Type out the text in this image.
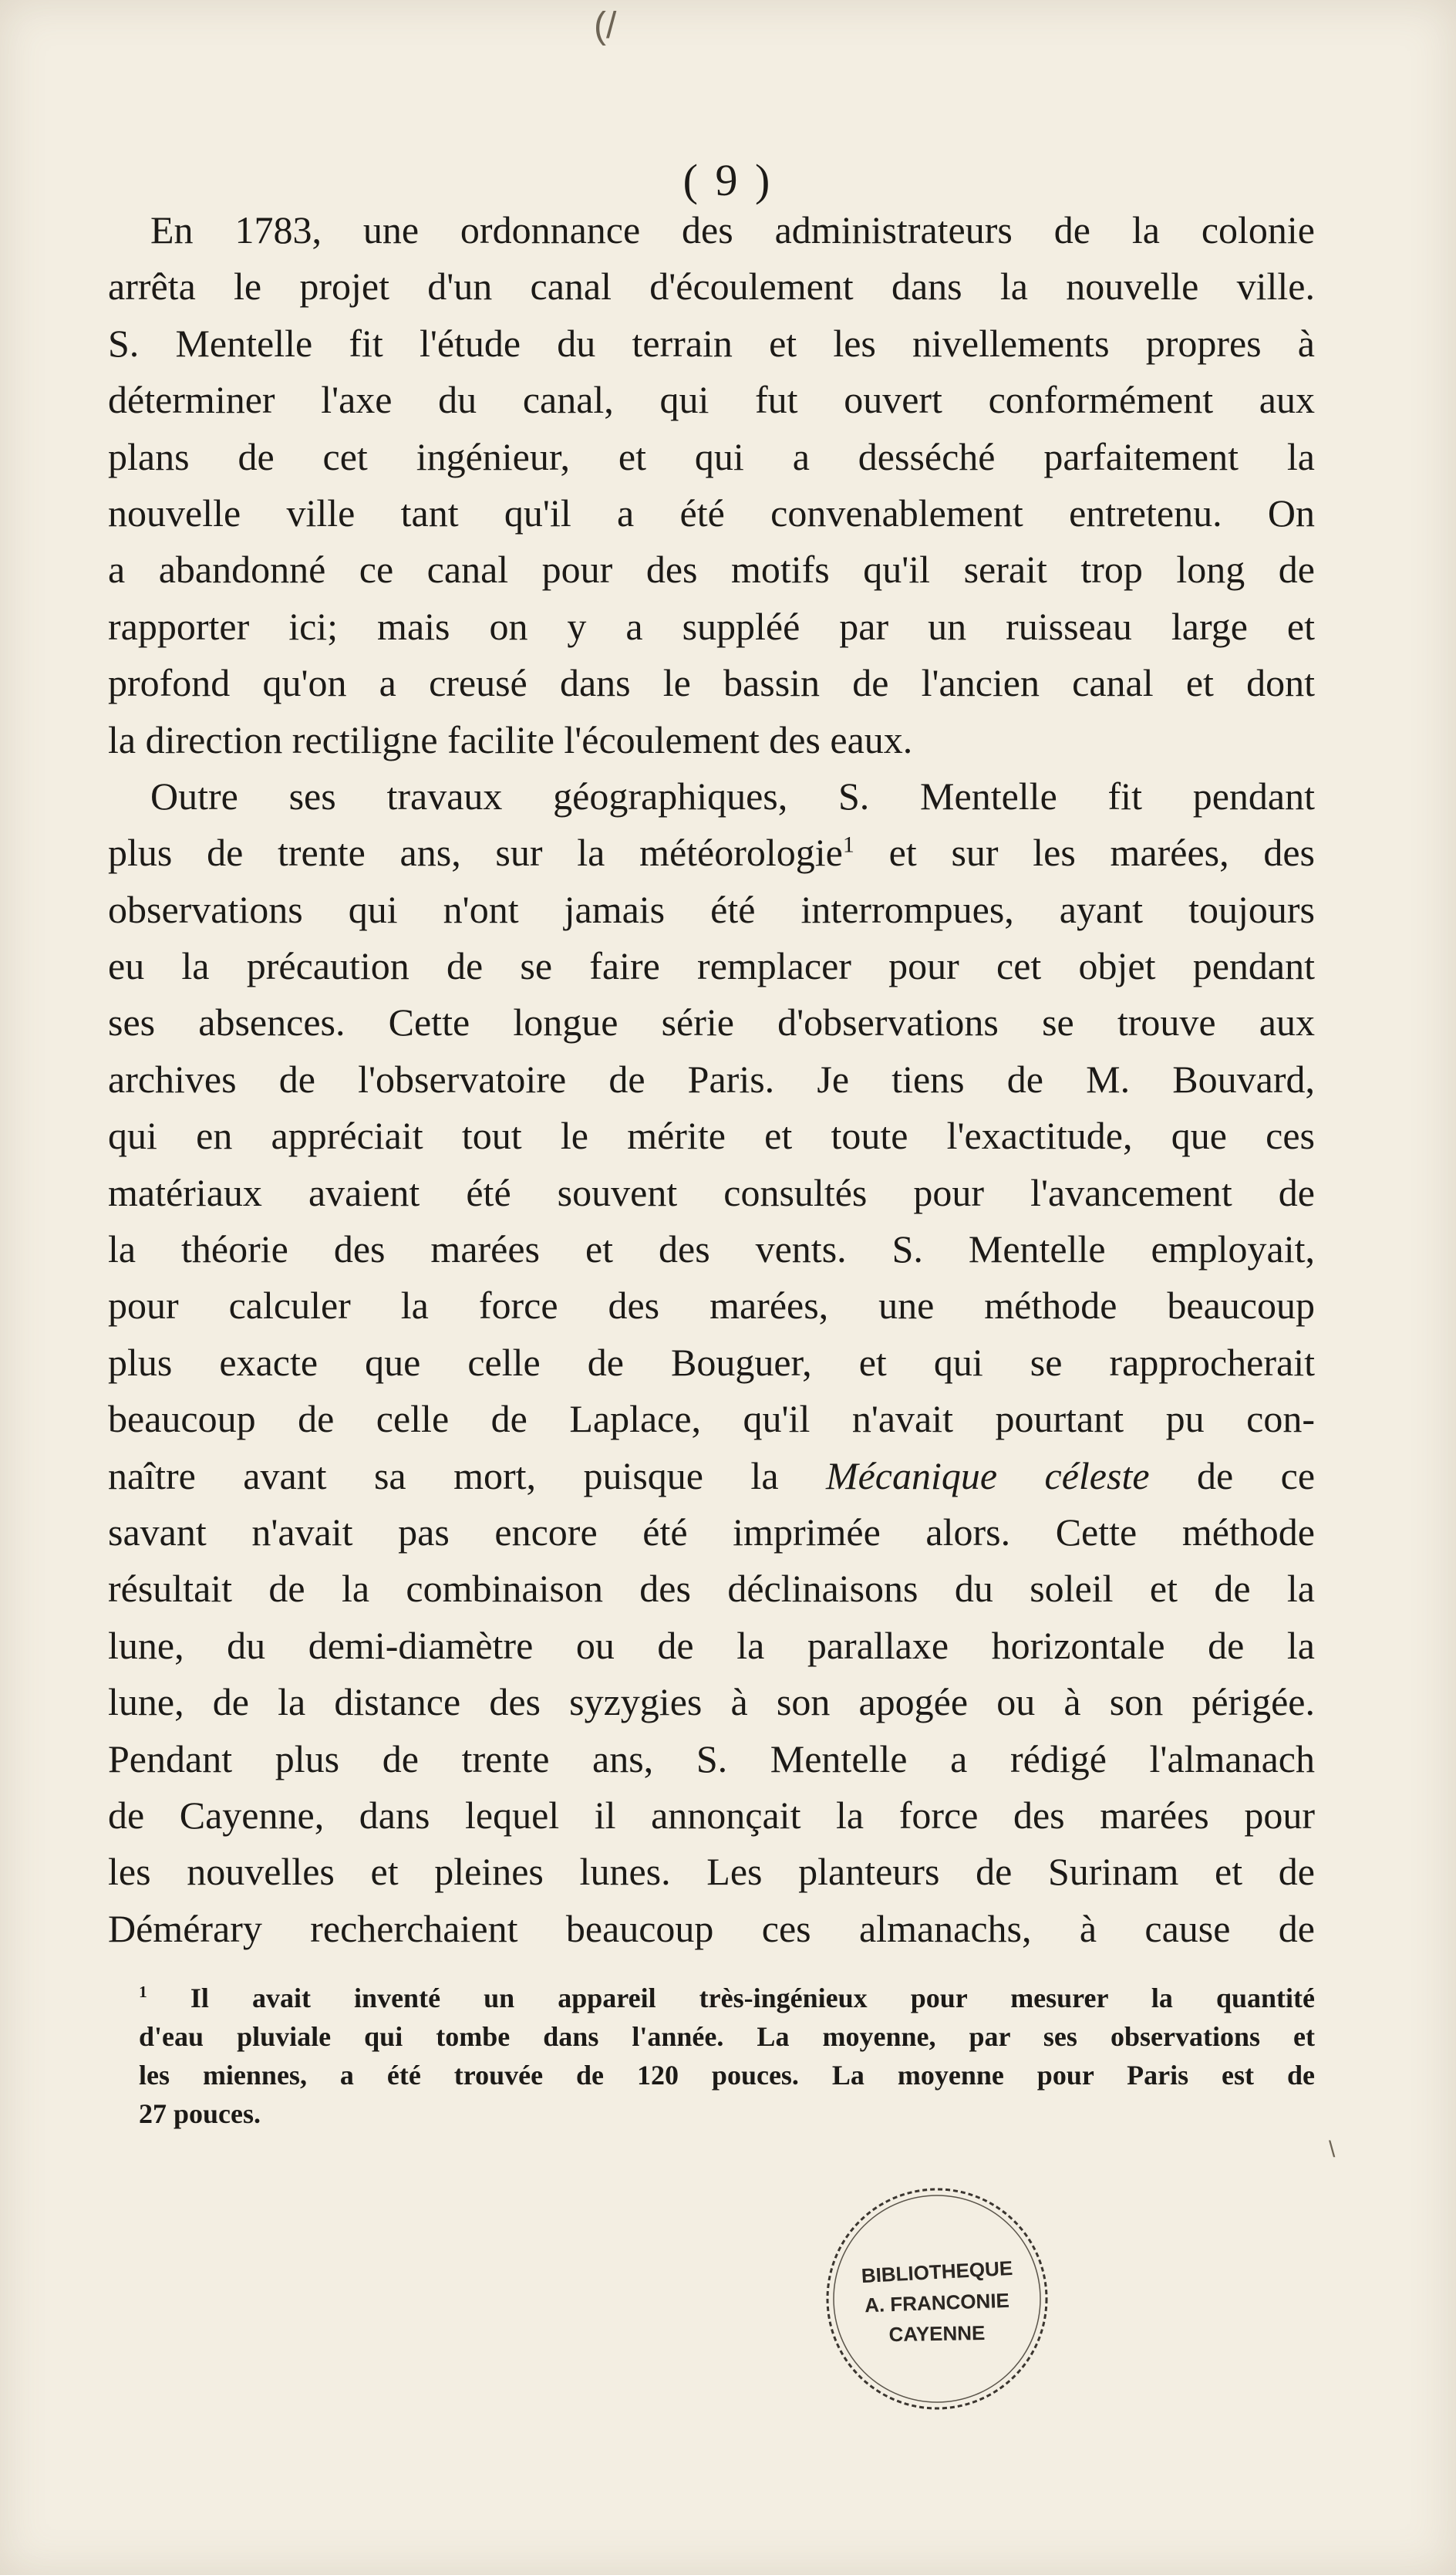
(/
( 9 )
En 1783, une ordonnance des administrateurs de la colonie
arrêta le projet d'un canal d'écoulement dans la nouvelle ville.
S. Mentelle fit l'étude du terrain et les nivellements propres à
déterminer l'axe du canal, qui fut ouvert conformément aux
plans de cet ingénieur, et qui a desséché parfaitement la
nouvelle ville tant qu'il a été convenablement entretenu. On
a abandonné ce canal pour des motifs qu'il serait trop long de
rapporter ici; mais on y a suppléé par un ruisseau large et
profond qu'on a creusé dans le bassin de l'ancien canal et dont
la direction rectiligne facilite l'écoulement des eaux.
Outre ses travaux géographiques, S. Mentelle fit pendant
plus de trente ans, sur la météorologie$^1$ et sur les marées, des
observations qui n'ont jamais été interrompues, ayant toujours
eu la précaution de se faire remplacer pour cet objet pendant
ses absences. Cette longue série d'observations se trouve aux
archives de l'observatoire de Paris. Je tiens de M. Bouvard,
qui en appréciait tout le mérite et toute l'exactitude, que ces
matériaux avaient été souvent consultés pour l'avancement de
la théorie des marées et des vents. S. Mentelle employait,
pour calculer la force des marées, une méthode beaucoup
plus exacte que celle de Bouguer, et qui se rapprocherait
beaucoup de celle de Laplace, qu'il n'avait pourtant pu con-
naître avant sa mort, puisque la Mécanique céleste de ce
savant n'avait pas encore été imprimée alors. Cette méthode
résultait de la combinaison des déclinaisons du soleil et de la
lune, du demi-diamètre ou de la parallaxe horizontale de la
lune, de la distance des syzygies à son apogée ou à son périgée.
Pendant plus de trente ans, S. Mentelle a rédigé l'almanach
de Cayenne, dans lequel il annonçait la force des marées pour
les nouvelles et pleines lunes. Les planteurs de Surinam et de
Démérary recherchaient beaucoup ces almanachs, à cause de
$^1$ Il avait inventé un appareil très-ingénieux pour mesurer la quantité
d'eau pluviale qui tombe dans l'année. La moyenne, par ses observations et
les miennes, a été trouvée de 120 pouces. La moyenne pour Paris est de
27 pouces.
\
BIBLIOTHEQUE
A. FRANCONIE
CAYENNE
